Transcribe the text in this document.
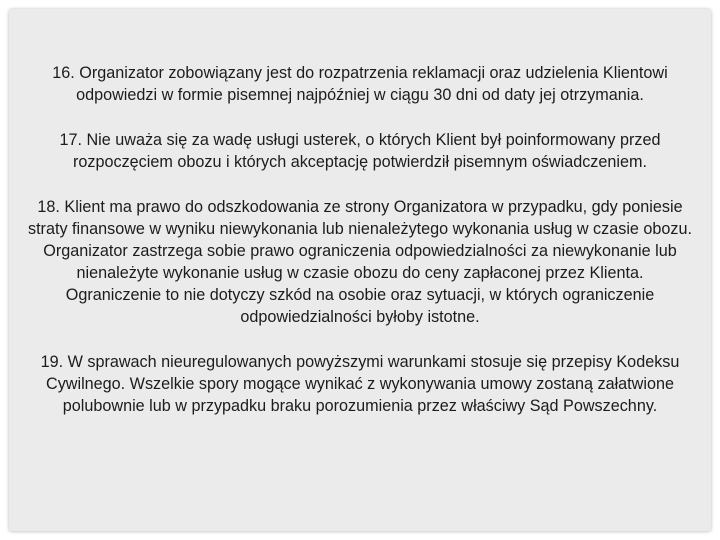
16. Organizator zobowiązany jest do rozpatrzenia reklamacji oraz udzielenia Klientowi odpowiedzi w formie pisemnej najpóźniej w ciągu 30 dni od daty jej otrzymania.

17. Nie uważa się za wadę usługi usterek, o których Klient był poinformowany przed rozpoczęciem obozu i których akceptację potwierdził pisemnym oświadczeniem.

18. Klient ma prawo do odszkodowania ze strony Organizatora w przypadku, gdy poniesie straty finansowe w wyniku niewykonania lub nienależytego wykonania usług w czasie obozu. Organizator zastrzega sobie prawo ograniczenia odpowiedzialności za niewykonanie lub nienależyte wykonanie usług w czasie obozu do ceny zapłaconej przez Klienta. Ograniczenie to nie dotyczy szkód na osobie oraz sytuacji, w których ograniczenie odpowiedzialności byłoby istotne.

19. W sprawach nieuregulowanych powyższymi warunkami stosuje się przepisy Kodeksu Cywilnego. Wszelkie spory mogące wynikać z wykonywania umowy zostaną załatwione polubownie lub w przypadku braku porozumienia przez właściwy Sąd Powszechny.
